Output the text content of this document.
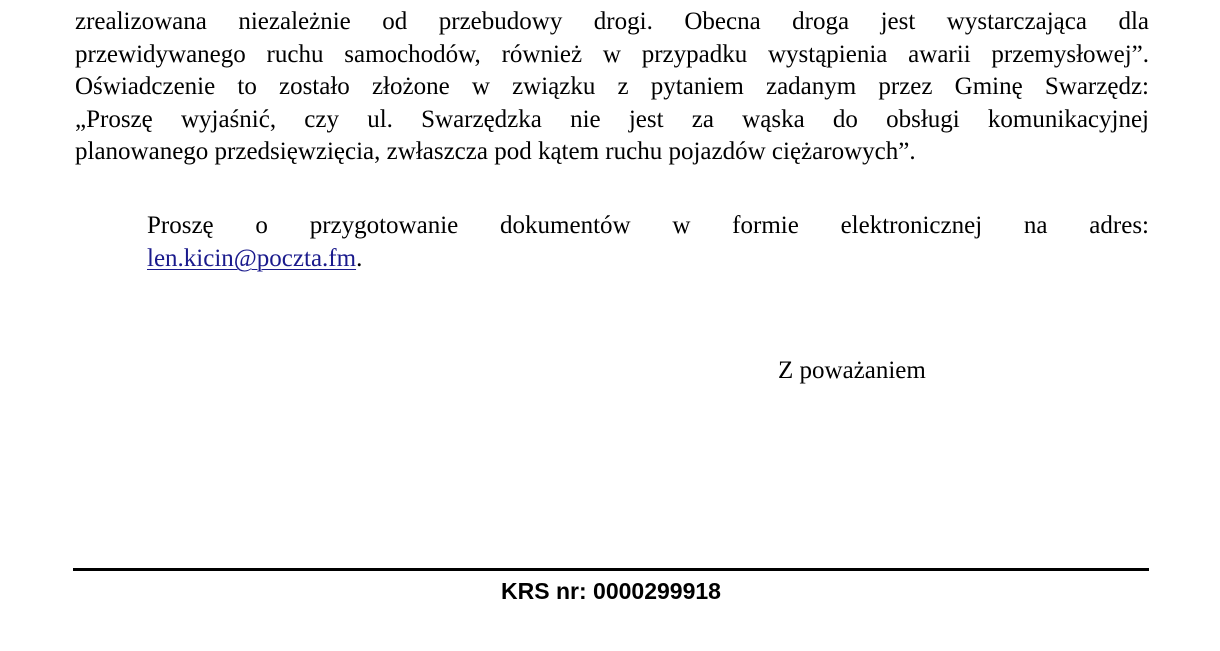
zrealizowana niezależnie od przebudowy drogi. Obecna droga jest wystarczająca dla
przewidywanego ruchu samochodów, również w przypadku wystąpienia awarii przemysłowej”.
Oświadczenie to zostało złożone w związku z pytaniem zadanym przez Gminę Swarzędz:
„Proszę wyjaśnić, czy ul. Swarzędzka nie jest za wąska do obsługi komunikacyjnej
planowanego przedsięwzięcia, zwłaszcza pod kątem ruchu pojazdów ciężarowych”.

Proszę o przygotowanie dokumentów w formie elektronicznej na adres:
len.kicin@poczta.fm.

Z poważaniem

KRS nr: 0000299918
